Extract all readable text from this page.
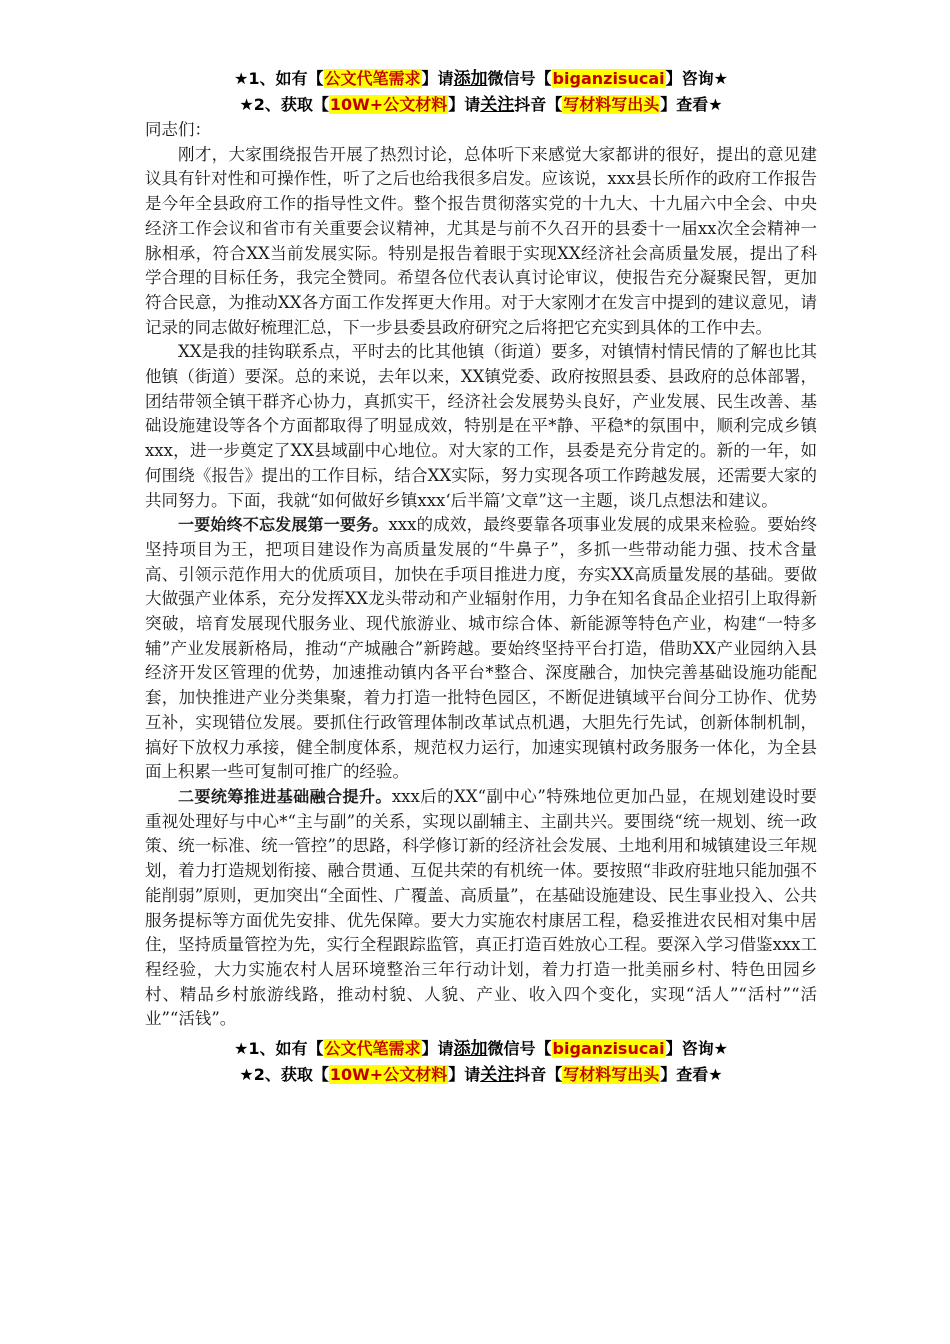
★1、如有【公文代笔需求】请添加微信号【biganzisucai】咨询★
★2、获取【10W+公文材料】请关注抖音【写材料写出头】查看★

同志们：

刚才，大家围绕报告开展了热烈讨论，总体听下来感觉大家都讲的很好，提出的意见建议具有针对性和可操作性，听了之后也给我很多启发。应该说，xxx县长所作的政府工作报告是今年全县政府工作的指导性文件。整个报告贯彻落实党的十九大、十九届六中全会、中央经济工作会议和省市有关重要会议精神，尤其是与前不久召开的县委十一届xx次全会精神一脉相承，符合XX当前发展实际。特别是报告着眼于实现XX经济社会高质量发展，提出了科学合理的目标任务，我完全赞同。希望各位代表认真讨论审议，使报告充分凝聚民智，更加符合民意，为推动XX各方面工作发挥更大作用。对于大家刚才在发言中提到的建议意见，请记录的同志做好梳理汇总，下一步县委县政府研究之后将把它充实到具体的工作中去。

XX是我的挂钩联系点，平时去的比其他镇（街道）要多，对镇情村情民情的了解也比其他镇（街道）要深。总的来说，去年以来，XX镇党委、政府按照县委、县政府的总体部署，团结带领全镇干群齐心协力，真抓实干，经济社会发展势头良好，产业发展、民生改善、基础设施建设等各个方面都取得了明显成效，特别是在平*静、平稳*的氛围中，顺利完成乡镇xxx，进一步奠定了XX县域副中心地位。对大家的工作，县委是充分肯定的。新的一年，如何围绕《报告》提出的工作目标，结合XX实际，努力实现各项工作跨越发展，还需要大家的共同努力。下面，我就“如何做好乡镇xxx‘后半篇’文章”这一主题，谈几点想法和建议。

一要始终不忘发展第一要务。xxx的成效，最终要靠各项事业发展的成果来检验。要始终坚持项目为王，把项目建设作为高质量发展的“牛鼻子”，多抓一些带动能力强、技术含量高、引领示范作用大的优质项目，加快在手项目推进力度，夯实XX高质量发展的基础。要做大做强产业体系，充分发挥XX龙头带动和产业辐射作用，力争在知名食品企业招引上取得新突破，培育发展现代服务业、现代旅游业、城市综合体、新能源等特色产业，构建“一特多辅”产业发展新格局，推动“产城融合”新跨越。要始终坚持平台打造，借助XX产业园纳入县经济开发区管理的优势，加速推动镇内各平台*整合、深度融合，加快完善基础设施功能配套，加快推进产业分类集聚，着力打造一批特色园区，不断促进镇域平台间分工协作、优势互补，实现错位发展。要抓住行政管理体制改革试点机遇，大胆先行先试，创新体制机制，搞好下放权力承接，健全制度体系，规范权力运行，加速实现镇村政务服务一体化，为全县面上积累一些可复制可推广的经验。

二要统筹推进基础融合提升。xxx后的XX“副中心”特殊地位更加凸显，在规划建设时要重视处理好与中心*“主与副”的关系，实现以副辅主、主副共兴。要围绕“统一规划、统一政策、统一标准、统一管控”的思路，科学修订新的经济社会发展、土地利用和城镇建设三年规划，着力打造规划衔接、融合贯通、互促共荣的有机统一体。要按照“非政府驻地只能加强不能削弱”原则，更加突出“全面性、广覆盖、高质量”，在基础设施建设、民生事业投入、公共服务提标等方面优先安排、优先保障。要大力实施农村康居工程，稳妥推进农民相对集中居住，坚持质量管控为先，实行全程跟踪监管，真正打造百姓放心工程。要深入学习借鉴xxx工程经验，大力实施农村人居环境整治三年行动计划，着力打造一批美丽乡村、特色田园乡村、精品乡村旅游线路，推动村貌、人貌、产业、收入四个变化，实现“活人”“活村”“活业”“活钱”。

★1、如有【公文代笔需求】请添加微信号【biganzisucai】咨询★
★2、获取【10W+公文材料】请关注抖音【写材料写出头】查看★
